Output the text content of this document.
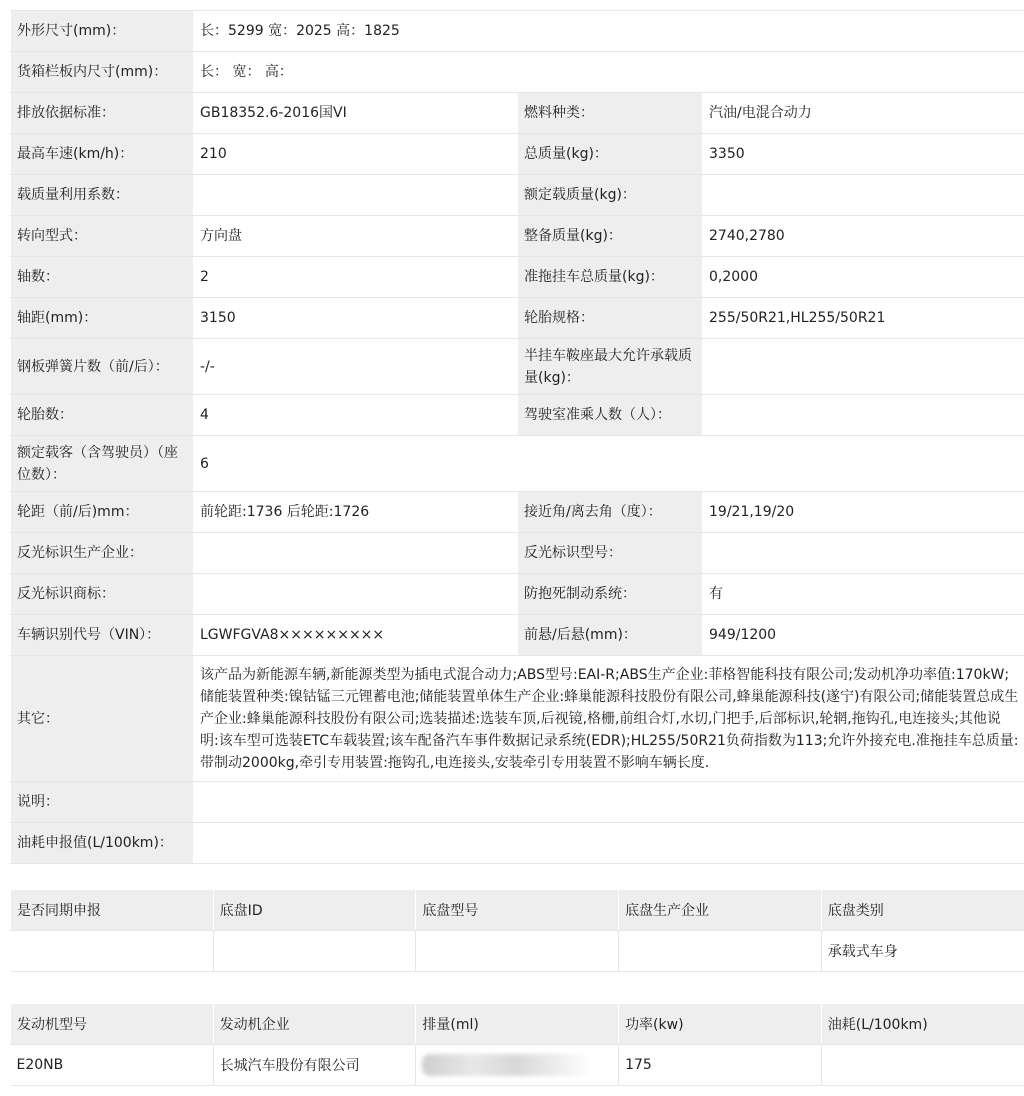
外形尺寸(mm)：	长：5299 宽：2025 高：1825		
货箱栏板内尺寸(mm)：	长： 宽： 高：		
排放依据标准：	GB18352.6-2016国VI	燃料种类：	汽油/电混合动力
最高车速(km/h)：	210	总质量(kg)：	3350
载质量利用系数：		额定载质量(kg)：	
转向型式：	方向盘	整备质量(kg)：	2740,2780
轴数：	2	准拖挂车总质量(kg)：	0,2000
轴距(mm)：	3150	轮胎规格：	255/50R21,HL255/50R21
钢板弹簧片数（前/后）：	-/-	半挂车鞍座最大允许承载质量(kg)：	
轮胎数：	4	驾驶室准乘人数（人）：	
额定载客（含驾驶员）（座位数）：	6		
轮距（前/后)mm：	前轮距:1736 后轮距:1726	接近角/离去角（度）：	19/21,19/20
反光标识生产企业：		反光标识型号：	
反光标识商标：		防抱死制动系统：	有
车辆识别代号（VIN）：	LGWFGVA8×××××××××	前悬/后悬(mm)：	949/1200
其它：	该产品为新能源车辆,新能源类型为插电式混合动力;ABS型号:EAI-R;ABS生产企业:菲格智能科技有限公司;发动机净功率值:170kW;储能装置种类:镍钴锰三元锂蓄电池;储能装置单体生产企业:蜂巢能源科技股份有限公司,蜂巢能源科技(遂宁)有限公司;储能装置总成生产企业:蜂巢能源科技股份有限公司;选装描述:选装车顶,后视镜,格栅,前组合灯,水切,门把手,后部标识,轮辋,拖钩孔,电连接头;其他说明:该车型可选装ETC车载装置;该车配备汽车事件数据记录系统(EDR);HL255/50R21负荷指数为113;允许外接充电.准拖挂车总质量:带制动2000kg,牵引专用装置:拖钩孔,电连接头,安装牵引专用装置不影响车辆长度.		
说明：			
油耗申报值(L/100km)：			
是否同期申报	底盘ID	底盘型号	底盘生产企业	底盘类别
				承载式车身
发动机型号	发动机企业	排量(ml)	功率(kw)	油耗(L/100km)
E20NB	长城汽车股份有限公司		175	
